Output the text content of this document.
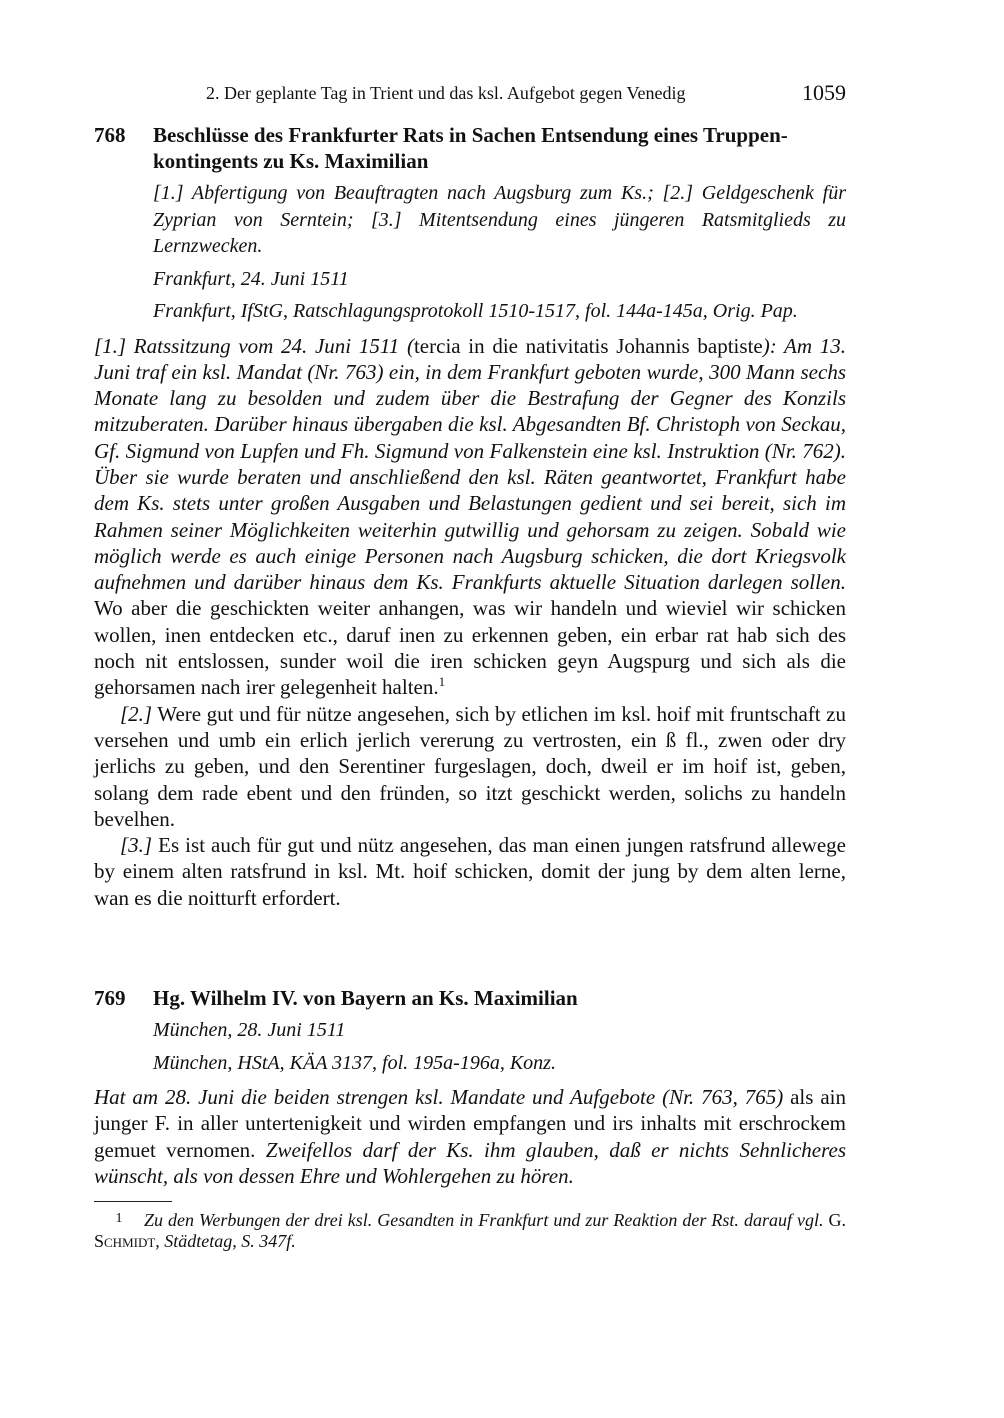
2. Der geplante Tag in Trient und das ksl. Aufgebot gegen Venedig	1059
768 Beschlüsse des Frankfurter Rats in Sachen Entsendung eines Truppenkontingents zu Ks. Maximilian
[1.] Abfertigung von Beauftragten nach Augsburg zum Ks.; [2.] Geldgeschenk für Zyprian von Serntein; [3.] Mitentsendung eines jüngeren Ratsmitglieds zu Lernzwecken.
Frankfurt, 24. Juni 1511
Frankfurt, IfStG, Ratschlagungsprotokoll 1510-1517, fol. 144a-145a, Orig. Pap.

[1.] Ratssitzung vom 24. Juni 1511 (tercia in die nativitatis Johannis baptiste): Am 13. Juni traf ein ksl. Mandat (Nr. 763) ein, in dem Frankfurt geboten wurde, 300 Mann sechs Monate lang zu besolden und zudem über die Bestrafung der Gegner des Konzils mitzuberaten. Darüber hinaus übergaben die ksl. Abgesandten Bf. Christoph von Seckau, Gf. Sigmund von Lupfen und Fh. Sigmund von Falkenstein eine ksl. Instruktion (Nr. 762). Über sie wurde beraten und anschließend den ksl. Räten geantwortet, Frankfurt habe dem Ks. stets unter großen Ausgaben und Belastungen gedient und sei bereit, sich im Rahmen seiner Möglichkeiten weiterhin gutwillig und gehorsam zu zeigen. Sobald wie möglich werde es auch einige Personen nach Augsburg schicken, die dort Kriegsvolk aufnehmen und darüber hinaus dem Ks. Frankfurts aktuelle Situation darlegen sollen. Wo aber die geschickten weiter anhangen, was wir handeln und wieviel wir schicken wollen, inen entdecken etc., daruf inen zu erkennen geben, ein erbar rat hab sich des noch nit entslossen, sunder woil die iren schicken geyn Augspurg und sich als die gehorsamen nach irer gelegenheit halten.$^1$

[2.] Were gut und für nütze angesehen, sich by etlichen im ksl. hoif mit fruntschaft zu versehen und umb ein erlich jerlich vererung zu vertrosten, ein ß fl., zwen oder dry jerlichs zu geben, und den Serentiner furgeslagen, doch, dweil er im hoif ist, geben, solang dem rade ebent und den fründen, so itzt geschickt werden, solichs zu handeln bevelhen.

[3.] Es ist auch für gut und nütz angesehen, das man einen jungen ratsfrund allewege by einem alten ratsfrund in ksl. Mt. hoif schicken, domit der jung by dem alten lerne, wan es die noitturft erfordert.

769 Hg. Wilhelm IV. von Bayern an Ks. Maximilian
München, 28. Juni 1511
München, HStA, KÄA 3137, fol. 195a-196a, Konz.

Hat am 28. Juni die beiden strengen ksl. Mandate und Aufgebote (Nr. 763, 765) als ain junger F. in aller untertenigkeit und wirden empfangen und irs inhalts mit erschrockem gemuet vernomen. Zweifellos darf der Ks. ihm glauben, daß er nichts Sehnlicheres wünscht, als von dessen Ehre und Wohlergehen zu hören.

1 Zu den Werbungen der drei ksl. Gesandten in Frankfurt und zur Reaktion der Rst. darauf vgl. G. Schmidt, Städtetag, S. 347f.
